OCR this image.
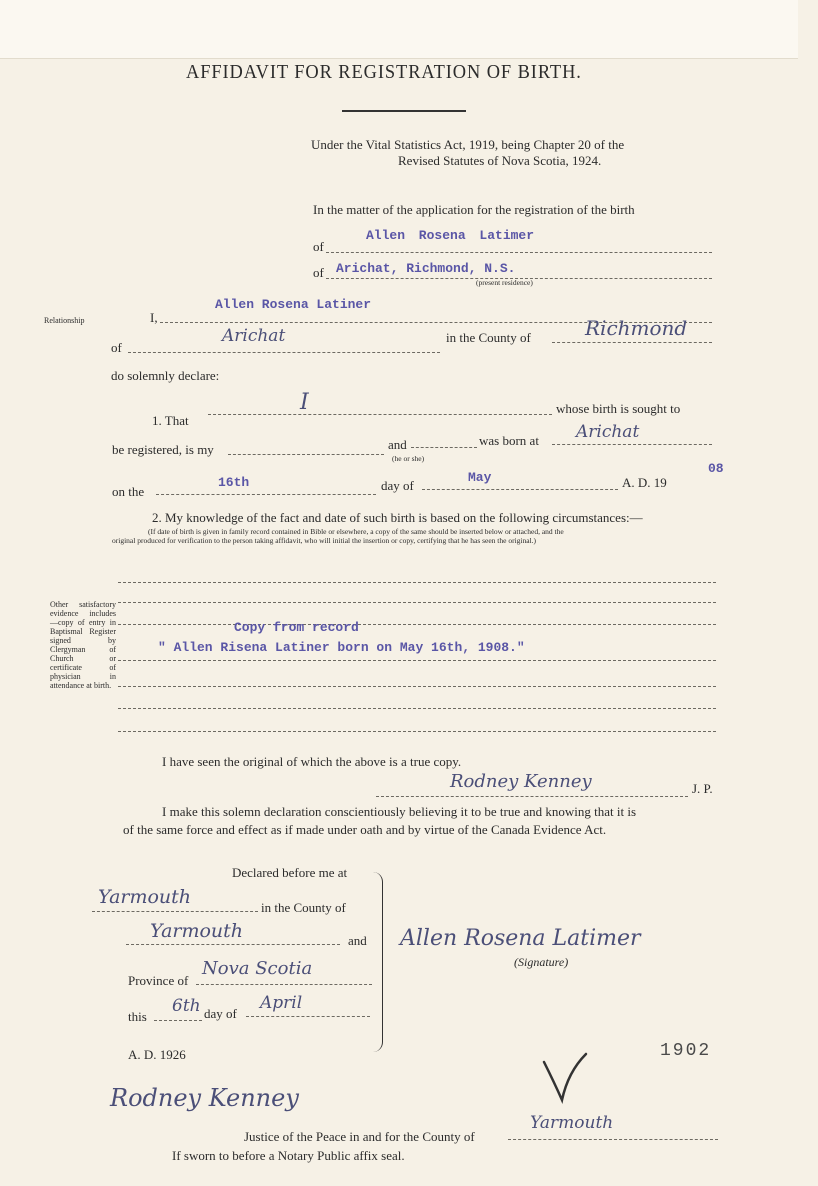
AFFIDAVIT FOR REGISTRATION OF BIRTH.
Under the Vital Statistics Act, 1919, being Chapter 20 of the
Revised Statutes of Nova Scotia, 1924.
In the matter of the application for the registration of the birth
of
Allen Rosena Latimer
of Arichat, Richmond, N.S.
(present residence)
Relationship	I,
Allen Rosena Latiner
of
Arichat	in the County of	Richmond
do solemnly declare:
1. That
I	whose birth is sought to
be registered, is my	and
(he or she)
was born at Arichat
on the
16th	day of
May	A. D. 19
08
2. My knowledge of the fact and date of such birth is based on the following circumstances:—
(If date of birth is given in family record contained in Bible or elsewhere, a copy of the same should be inserted below or attached, and the
original produced for verification to the person taking affidavit, who will initial the insertion or copy, certifying that he has seen the original.)
Other satisfactory evidence includes —copy of entry in Baptismal Register signed by Clergyman of Church or certificate of physician in attendance at birth.
Copy from record
" Allen Risena Latiner born on May 16th, 1908."
I have seen the original of which the above is a true copy.
Rodney Kenney	J. P.
I make this solemn declaration conscientiously believing it to be true and knowing that it is
of the same force and effect as if made under oath and by virtue of the Canada Evidence Act.
Declared before me at
Yarmouth	in the County of
Yarmouth	and
Province of
Nova Scotia
this
6th day of
April
A. D. 1926
Allen Rosena Latimer
(Signature)
1902
Rodney Kenney
Justice of the Peace in and for the County of
Yarmouth
If sworn to before a Notary Public affix seal.
